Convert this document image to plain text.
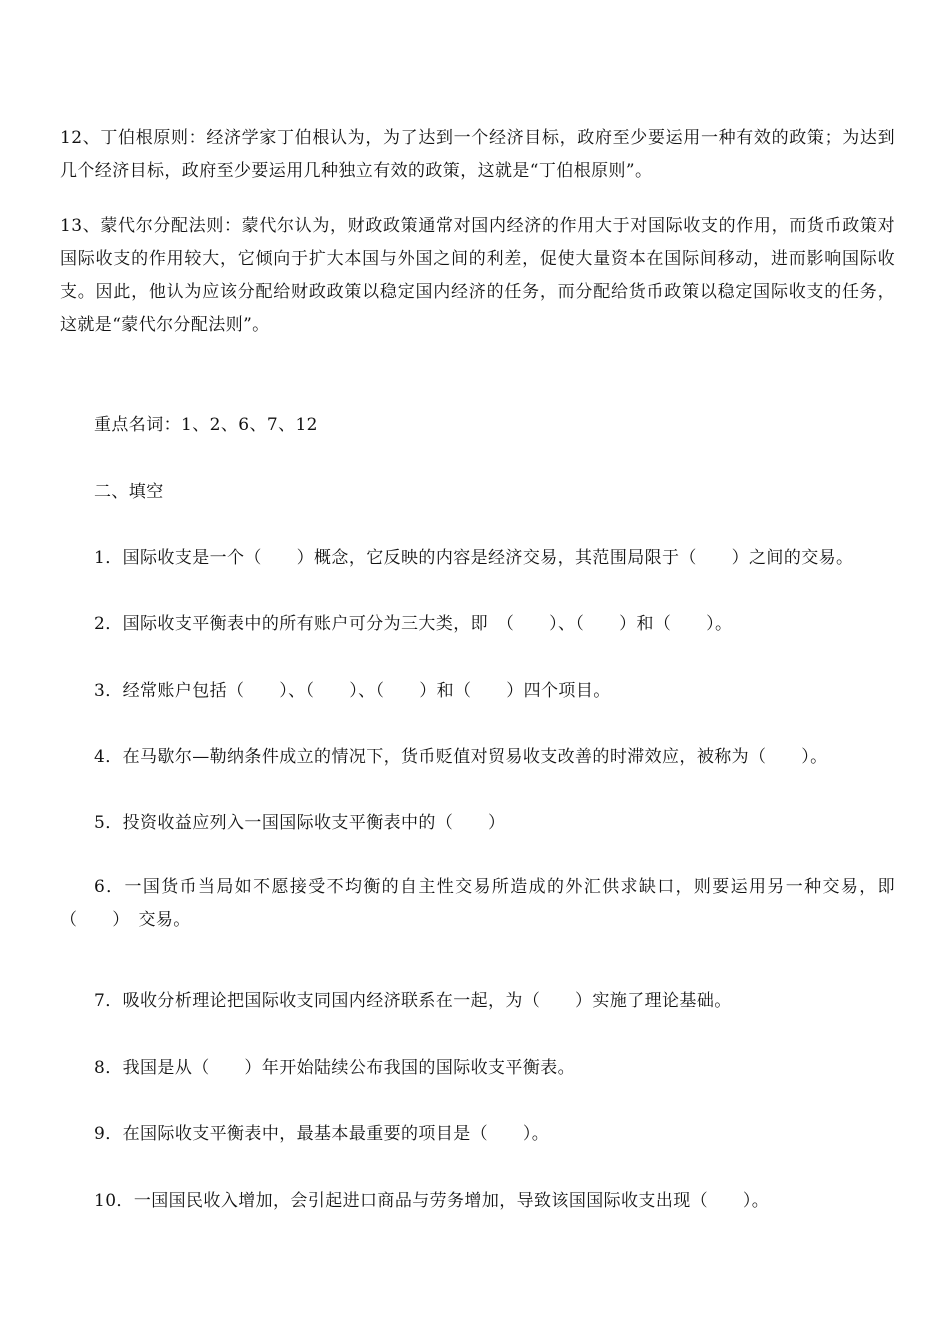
12、丁伯根原则：经济学家丁伯根认为，为了达到一个经济目标，政府至少要运用一种有效的政策；为达到几个经济目标，政府至少要运用几种独立有效的政策，这就是“丁伯根原则”。

13、蒙代尔分配法则：蒙代尔认为，财政政策通常对国内经济的作用大于对国际收支的作用，而货币政策对国际收支的作用较大，它倾向于扩大本国与外国之间的利差，促使大量资本在国际间移动，进而影响国际收支。因此，他认为应该分配给财政政策以稳定国内经济的任务，而分配给货币政策以稳定国际收支的任务，这就是“蒙代尔分配法则”。

重点名词：1、2、6、7、12

二、填空

1．国际收支是一个（　　）概念，它反映的内容是经济交易，其范围局限于（　　）之间的交易。

2．国际收支平衡表中的所有账户可分为三大类，即　（　　）、（　　）和（　　）。

3．经常账户包括（　　）、（　　）、（　　）和（　　）四个项目。

4．在马歇尔—勒纳条件成立的情况下，货币贬值对贸易收支改善的时滞效应，被称为（　　）。

5．投资收益应列入一国国际收支平衡表中的（　　）

6．一国货币当局如不愿接受不均衡的自主性交易所造成的外汇供求缺口，则要运用另一种交易，即（　　）　交易。

7．吸收分析理论把国际收支同国内经济联系在一起，为（　　）实施了理论基础。

8．我国是从（　　）年开始陆续公布我国的国际收支平衡表。

9．在国际收支平衡表中，最基本最重要的项目是（　　）。

10．一国国民收入增加，会引起进口商品与劳务增加，导致该国国际收支出现（　　）。
